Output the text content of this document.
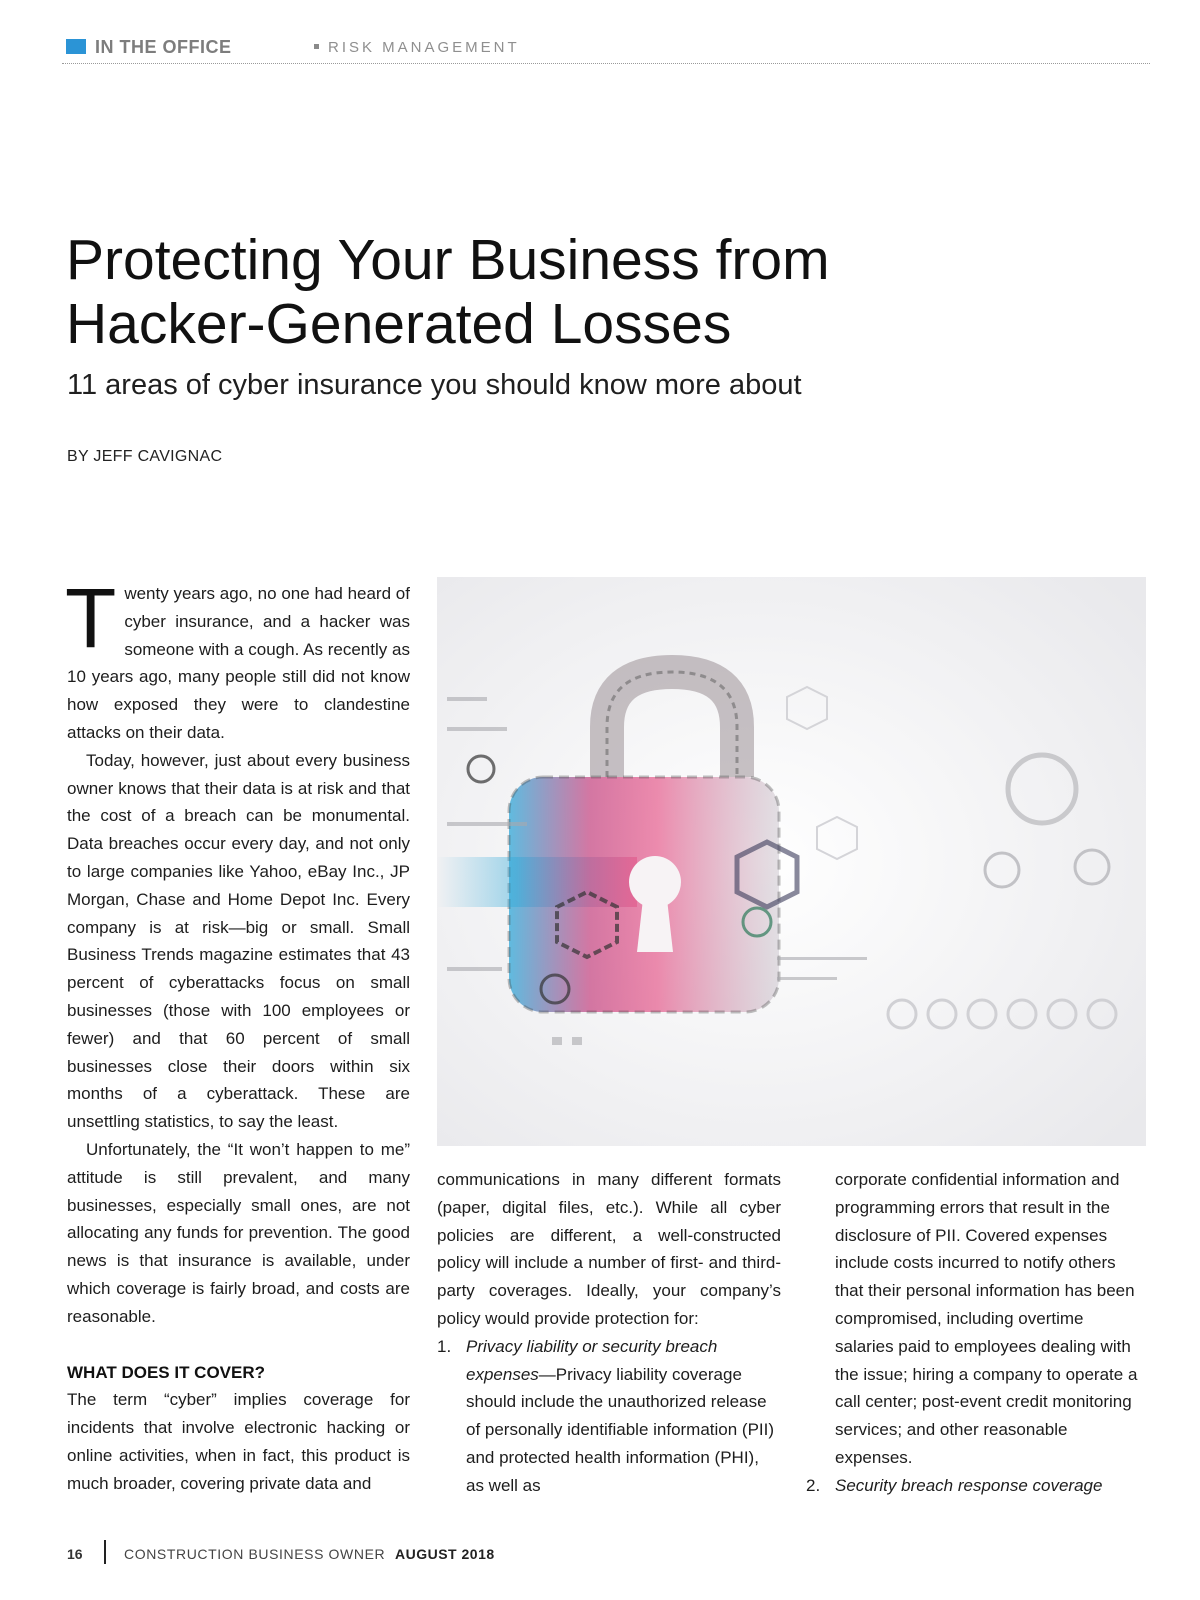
IN THE OFFICE	RISK MANAGEMENT
Protecting Your Business from
Hacker-Generated Losses
11 areas of cyber insurance you should know more about
BY JEFF CAVIGNAC

Twenty years ago, no one had heard of cyber insurance, and a hacker was someone with a cough. As recently as 10 years ago, many people still did not know how exposed they were to clandestine attacks on their data.

Today, however, just about every business owner knows that their data is at risk and that the cost of a breach can be monumental. Data breaches occur every day, and not only to large companies like Yahoo, eBay Inc., JP Morgan, Chase and Home Depot Inc. Every company is at risk—big or small. Small Business Trends magazine estimates that 43 percent of cyberattacks focus on small businesses (those with 100 employees or fewer) and that 60 percent of small businesses close their doors within six months of a cyberattack. These are unsettling statistics, to say the least.

Unfortunately, the “It won’t happen to me” attitude is still prevalent, and many businesses, especially small ones, are not allocating any funds for prevention. The good news is that insurance is available, under which coverage is fairly broad, and costs are reasonable.

WHAT DOES IT COVER?

The term “cyber” implies coverage for incidents that involve electronic hacking or online activities, when in fact, this product is much broader, covering private data and

communications in many different formats (paper, digital files, etc.). While all cyber policies are different, a well-constructed policy will include a number of first- and third-party coverages. Ideally, your company’s policy would provide protection for:

1. Privacy liability or security breach expenses—Privacy liability coverage should include the unauthorized release of personally identifiable information (PII) and protected health information (PHI), as well as

corporate confidential information and programming errors that result in the disclosure of PII. Covered expenses include costs incurred to notify others that their personal information has been compromised, including overtime salaries paid to employees dealing with the issue; hiring a company to operate a call center; post-event credit monitoring services; and other reasonable expenses.

2. Security breach response coverage

16	CONSTRUCTION BUSINESS OWNER AUGUST 2018
